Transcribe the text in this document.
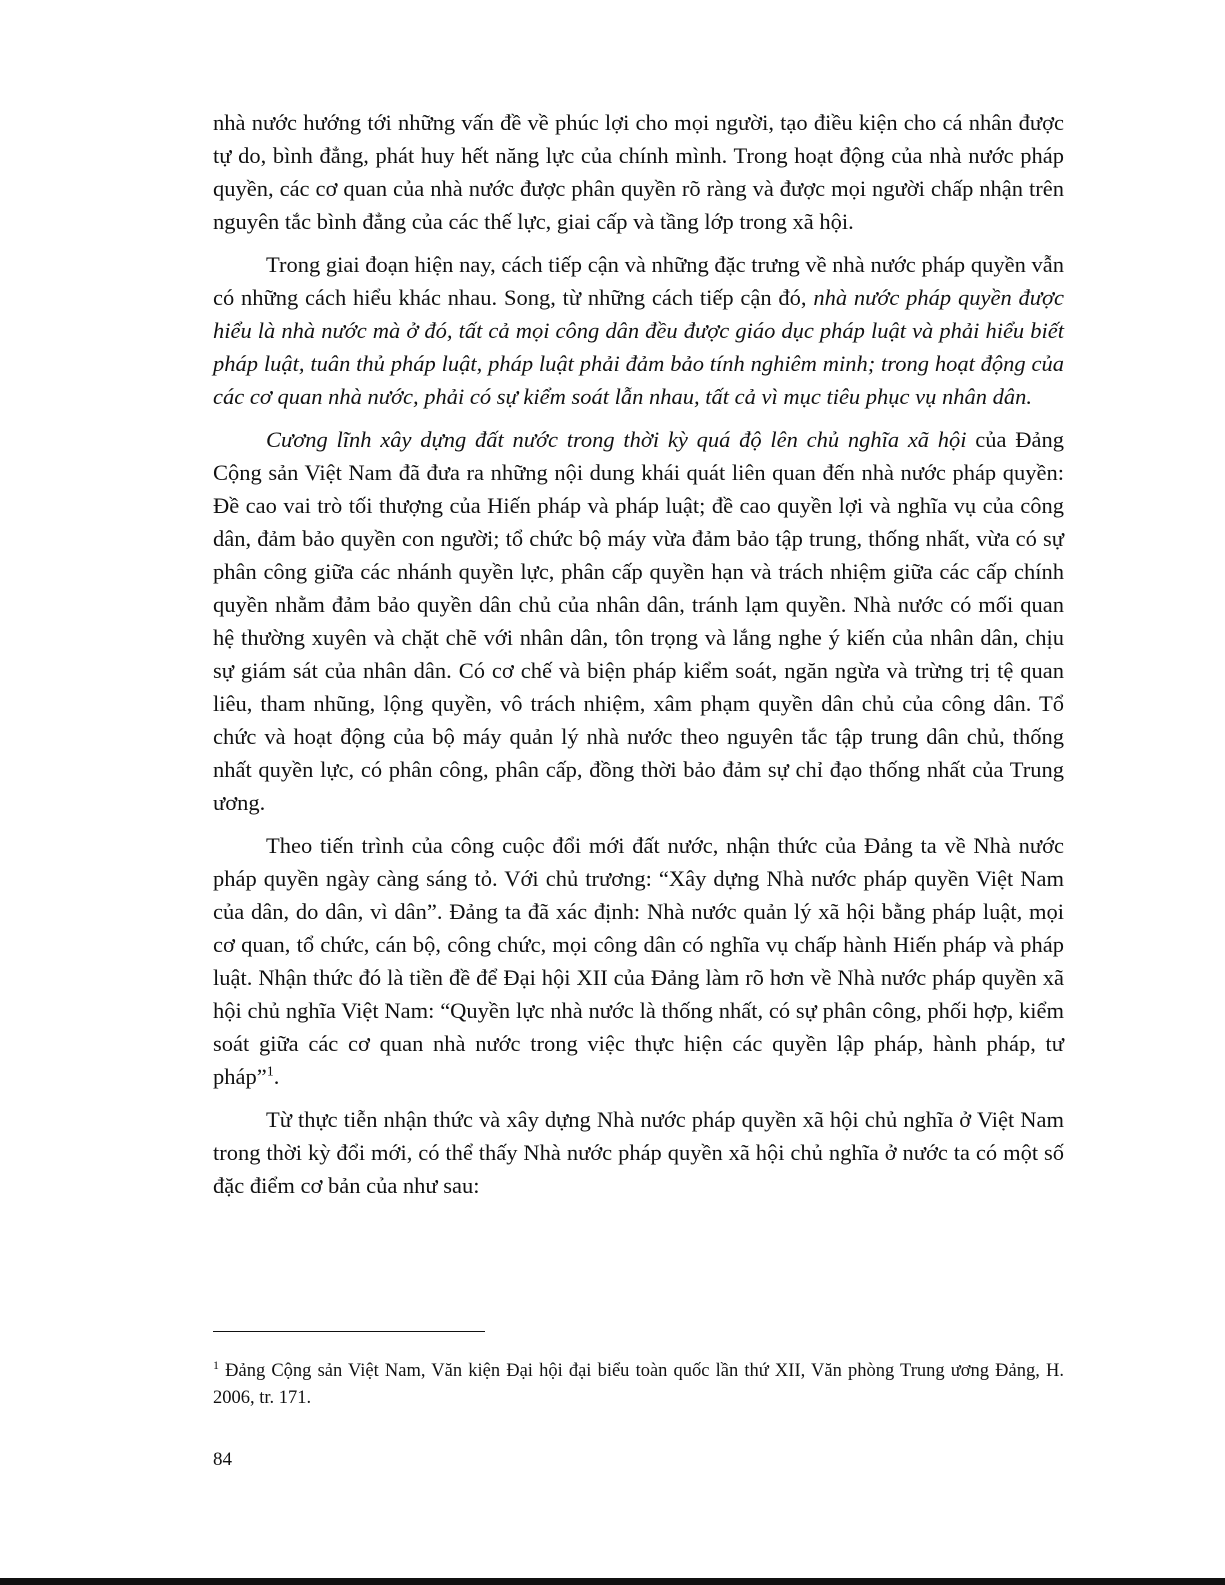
nhà nước hướng tới những vấn đề về phúc lợi cho mọi người, tạo điều kiện cho cá nhân được tự do, bình đẳng, phát huy hết năng lực của chính mình. Trong hoạt động của nhà nước pháp quyền, các cơ quan của nhà nước được phân quyền rõ ràng và được mọi người chấp nhận trên nguyên tắc bình đẳng của các thế lực, giai cấp và tầng lớp trong xã hội.

Trong giai đoạn hiện nay, cách tiếp cận và những đặc trưng về nhà nước pháp quyền vẫn có những cách hiểu khác nhau. Song, từ những cách tiếp cận đó, nhà nước pháp quyền được hiểu là nhà nước mà ở đó, tất cả mọi công dân đều được giáo dục pháp luật và phải hiểu biết pháp luật, tuân thủ pháp luật, pháp luật phải đảm bảo tính nghiêm minh; trong hoạt động của các cơ quan nhà nước, phải có sự kiểm soát lẫn nhau, tất cả vì mục tiêu phục vụ nhân dân.

Cương lĩnh xây dựng đất nước trong thời kỳ quá độ lên chủ nghĩa xã hội của Đảng Cộng sản Việt Nam đã đưa ra những nội dung khái quát liên quan đến nhà nước pháp quyền: Đề cao vai trò tối thượng của Hiến pháp và pháp luật; đề cao quyền lợi và nghĩa vụ của công dân, đảm bảo quyền con người; tổ chức bộ máy vừa đảm bảo tập trung, thống nhất, vừa có sự phân công giữa các nhánh quyền lực, phân cấp quyền hạn và trách nhiệm giữa các cấp chính quyền nhằm đảm bảo quyền dân chủ của nhân dân, tránh lạm quyền. Nhà nước có mối quan hệ thường xuyên và chặt chẽ với nhân dân, tôn trọng và lắng nghe ý kiến của nhân dân, chịu sự giám sát của nhân dân. Có cơ chế và biện pháp kiểm soát, ngăn ngừa và trừng trị tệ quan liêu, tham nhũng, lộng quyền, vô trách nhiệm, xâm phạm quyền dân chủ của công dân. Tổ chức và hoạt động của bộ máy quản lý nhà nước theo nguyên tắc tập trung dân chủ, thống nhất quyền lực, có phân công, phân cấp, đồng thời bảo đảm sự chỉ đạo thống nhất của Trung ương.

Theo tiến trình của công cuộc đổi mới đất nước, nhận thức của Đảng ta về Nhà nước pháp quyền ngày càng sáng tỏ. Với chủ trương: “Xây dựng Nhà nước pháp quyền Việt Nam của dân, do dân, vì dân”. Đảng ta đã xác định: Nhà nước quản lý xã hội bằng pháp luật, mọi cơ quan, tổ chức, cán bộ, công chức, mọi công dân có nghĩa vụ chấp hành Hiến pháp và pháp luật. Nhận thức đó là tiền đề để Đại hội XII của Đảng làm rõ hơn về Nhà nước pháp quyền xã hội chủ nghĩa Việt Nam: “Quyền lực nhà nước là thống nhất, có sự phân công, phối hợp, kiểm soát giữa các cơ quan nhà nước trong việc thực hiện các quyền lập pháp, hành pháp, tư pháp”$^1$.

Từ thực tiễn nhận thức và xây dựng Nhà nước pháp quyền xã hội chủ nghĩa ở Việt Nam trong thời kỳ đổi mới, có thể thấy Nhà nước pháp quyền xã hội chủ nghĩa ở nước ta có một số đặc điểm cơ bản của như sau:

$^1$ Đảng Cộng sản Việt Nam, Văn kiện Đại hội đại biểu toàn quốc lần thứ XII, Văn phòng Trung ương Đảng, H. 2006, tr. 171.

84
